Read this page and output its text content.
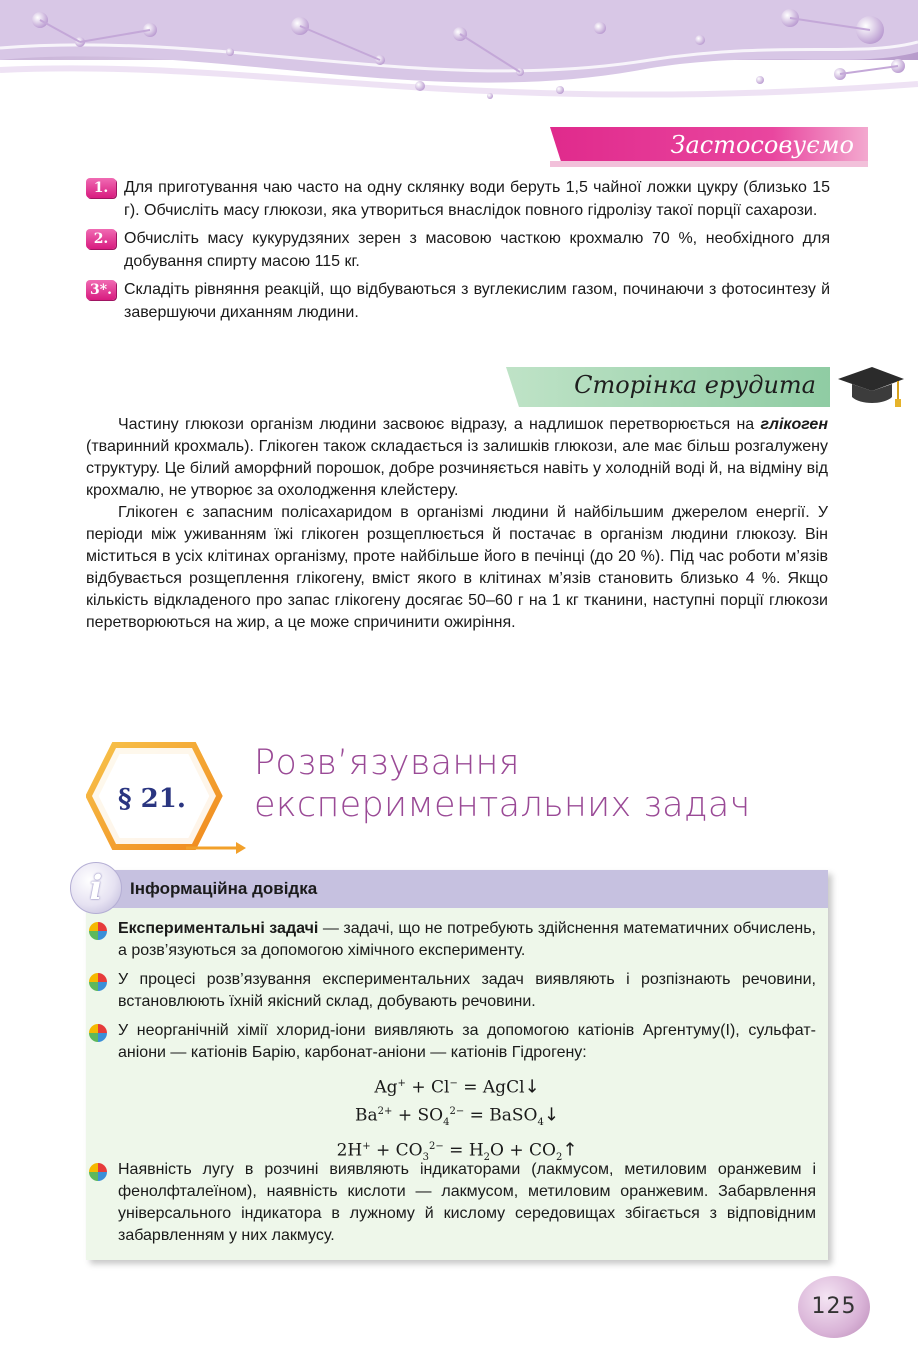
Застосовуємо
1. Для приготування чаю часто на одну склянку води беруть 1,5 чайної ложки цукру (близько 15 г). Обчисліть масу глюкози, яка утвориться внаслідок повного гідролізу такої порції сахарози.
2. Обчисліть масу кукурудзяних зерен з масовою часткою крохмалю 70 %, необхідного для добування спирту масою 115 кг.
3*. Складіть рівняння реакцій, що відбуваються з вуглекислим газом, починаючи з фотосинтезу й завершуючи диханням людини.
Сторінка ерудита

Частину глюкози організм людини засвоює відразу, а надлишок перетворюється на глікоген (тваринний крохмаль). Глікоген також складається із залишків глюкози, але має більш розгалужену структуру. Це білий аморфний порошок, добре розчиняється навіть у холодній воді й, на відміну від крохмалю, не утворює за охолодження клейстеру.

Глікоген є запасним полісахаридом в організмі людини й найбільшим джерелом енергії. У періоди між уживанням їжі глікоген розщеплюється й постачає в організм людини глюкозу. Він міститься в усіх клітинах організму, проте найбільше його в печінці (до 20 %). Під час роботи м’язів відбувається розщеплення глікогену, вміст якого в клітинах м’язів становить близько 4 %. Якщо кількість відкладеного про запас глікогену досягає 50–60 г на 1 кг тканини, наступні порції глюкози перетворюються на жир, а це може спричинити ожиріння.

§ 21.
Розв’язування
експериментальних задач
i	Інформаційна довідка
Експериментальні задачі — задачі, що не потребують здійснення математичних обчислень, а розв’язуються за допомогою хімічного експерименту.
У процесі розв’язування експериментальних задач виявляють і розпізнають речовини, встановлюють їхній якісний склад, добувають речовини.
У неорганічній хімії хлорид-іони виявляють за допомогою катіонів Аргентуму(І), сульфат-аніони — катіонів Барію, карбонат-аніони — катіонів Гідрогену:
Ag+ + Cl− = AgCl↓
$Ba^{2+} + SO_4^{2-}$ = BaSO$_4$↓
$2H^+ + CO_3^{2-} = H_2O$ + $CO_2↑$
Наявність лугу в розчині виявляють індикаторами (лакмусом, метиловим оранжевим і фенолфталеїном), наявність кислоти — лакмусом, метиловим оранжевим. Забарвлення універсального індикатора в лужному й кислому середовищах збігається з відповідним забарвленням у них лакмусу.
125
